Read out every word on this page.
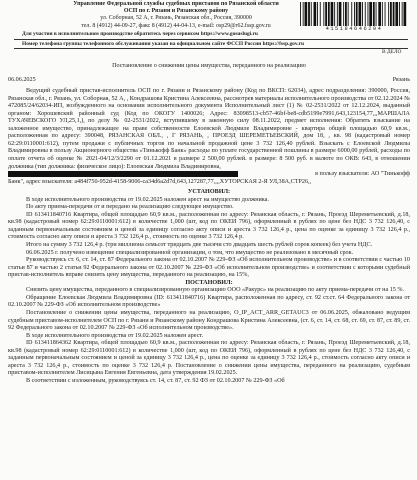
Управление Федеральной службы судебных приставов по Рязанской области
ОСП по г. Рязани и Рязанскому району
ул. Соборная, 52 А, г. Рязань, Рязанская обл., Россия, 390000
тел. 8 (4912) 44-09-27, факс 8 (4912) 44-04-13, e-mail: osp29@r62.fssp.gov.ru
415184646294
Для участия в исполнительном производстве обратитесь через сервисом https://www.gosuslugi.ru
Номер телефона группы телефонного обслуживания указан на официальном сайте ФССП России https://fssp.gov.ru
В ДЕЛО

Постановление о снижении цены имущества, переданного на реализацию

06.06.2025	Рязань

Ведущий судебный пристав-исполнитель ОСП по г. Рязани и Рязанскому району (Код по ВКСП: 62034), адрес подразделения: 390000, Россия, Рязанская обл., г. Рязань, ул. Соборная, 52 А, , Кондрашова Кристина Алексеевна, рассмотрев материалы исполнительного производства от 02.12.2024 № 472085/24/62034-ИП, возбужденного на основании исполнительного документа Исполнительный лист (1) № 02-2531/2022 от 12.12.2024, выданный органом: Хорошевский районный суд (Код по ОКОГУ 1400026; Адрес: 83098513-cb57-46bf-be8-cdb5199e7991,643,123154,77,,,МАРШАЛА ТУХАЧЕВСКОГО УЛ,25,1,), по делу № 02-2531/2022, вступившему в законную силу 08.11.2022, предмет исполнения: Обратить взыскание на заложенное имущество, принадлежащее на праве собственности Елоевской Людмиле Владимировне - квартира общей площадью 60,9 кв.м., расположенная по адресу: 390048, РЯЗАНСКАЯ ОБЛ., , Г РЯЗАНЬ, , ПРОЕЗД ШЕРЕМЕТЬЕВСКИЙ, дом 18, , кв. 98 (кадастровый номер 62:29:0110001:612), путем продажи с публичных торгов по начальной продажной цене 3 732 126,40 рублей. Взыскать с Елоевской Людмилы Владимировны в пользу Акционерного общества «Тинькофф Банк» расходы по уплате государственной пошлины в размере 6000,00 рублей, расходы по оплате отчета об оценке № 2021-04/12/3/2290 от 01.12.2021 в размере 2 500,00 рублей. в размере: 8 500 руб. в валюте по ОКВ: 643, в отношении должника (тип должника: физическое лицо): Елоевская Людмила Владимировна,

в пользу взыскателя: АО "Тинькофф

Банк", адрес взыскателя: a484f750-952d-4158-9006-ca34d6a2d7d,643,127287,77,,,,ХУТОРСКАЯ 2-Я УЛ,38А,СТР26,,

УСТАНОВИЛ:

В ходе исполнительного производства от 19.02.2025 наложен арест на имущество должника.

По акту приема-передачи от и передано на реализацию следующее имущество.

ID 613411840716 Квартира, общей площадью 60,9 кв.м., расположенная по адресу: Рязанская область, г. Рязань, Проезд Шереметьевский, д.18, кв.98 (кадастровый номер 62:29:0110001:612) в количестве 1,000 (шт, код по ОКЕИ 796), оформленный в рублях по цене без НДС 3 732 126,40, с заданным первоначальным состоянием и ценой за единицу согласно акту описи и ареста 3 732 126,4 р., цена по оценке за единицу 3 732 126,4 р., стоимость согласно акту описи и ареста 3 732 126,4 р., стоимость по оценке 3 732 126,4 р.

Итого на сумму 3 732 126,4 р. (три миллиона семьсот тридцать две тысячи сто двадцать шесть рублей сорок копеек) без учета НДС.

06.06.2025 г. получено извещение специализированной организации, о том, что имущество не реализовано в месячный срок.

Руководствуясь ст. 6, ст. 14, ст. 87 Федерального закона от 02.10.2007 № 229-ФЗ «Об исполнительном производстве» и в соответствии с частью 10 статьи 87 и частью 2 статьи 92 Федерального закона от 02.10.2007 № 229-ФЗ «Об исполнительном производстве» и соответствии с которыми судебный пристав-исполнитель вправе снизить цену имущества, переданного на реализацию, на 15%,

ПОСТАНОВИЛ:

Снизить цену имущества, переданного в специализированную организацию ООО «Ракурс» на реализацию по акту приема-передачи от на 15 %.

Обращение Елоевская Людмила Владимировна (ID: 613411840716) Квартира, расположенная по адресу, ст. 92 ст.ст. 64 Федерального закона от 02.10.2007 № 229-ФЗ «Об исполнительном производстве»

Постановление о снижении цены имущества, переданного на реализацию, О_IP_ACT_ARR_GETAUC3 от 06.06.2025, обжаловано ведущим судебным приставом-исполнителем ОСП по г. Рязани и Рязанскому району Кондрашова Кристина Алексеевна, (ст. 6, ст. 14, ст. 68, ст. 69, ст. 87, ст. 89, ст. 92 Федерального закона от 02.10.2007 № 229-ФЗ «Об исполнительном производстве».

В ходе исполнительного производства от 19.02.2025 наложен арест.

ID 613411864362 Квартира, общей площадью 60,9 кв.м., расположенная по адресу: Рязанская область, г. Рязань, Проезд Шереметьевский, д.18, кв.98 (кадастровый номер 62:29:0110001:612) в количестве 1,000 (шт, код по ОКЕИ 796), оформленный в рублях по цене без НДС 3 732 126,40, с заданным первоначальным состоянием и ценой за единицу 3 732 126,4 р., цена по оценке за единицу 3 732 126,4 р., стоимость согласно акту описи и ареста 3 732 126,4 р., стоимость по оценке 3 732 126,4 р. Постановление о снижении цены имущества, переданного на реализацию, судебным приставом-исполнителем Лисицына Евгения Евгеньевна, дата утверждения 19.02.2025.

В соответствии с изложенным, руководствуясь ст. 14, ст. 87, ст. 92 ФЗ от 02.10.2007 № 229-ФЗ «Об
